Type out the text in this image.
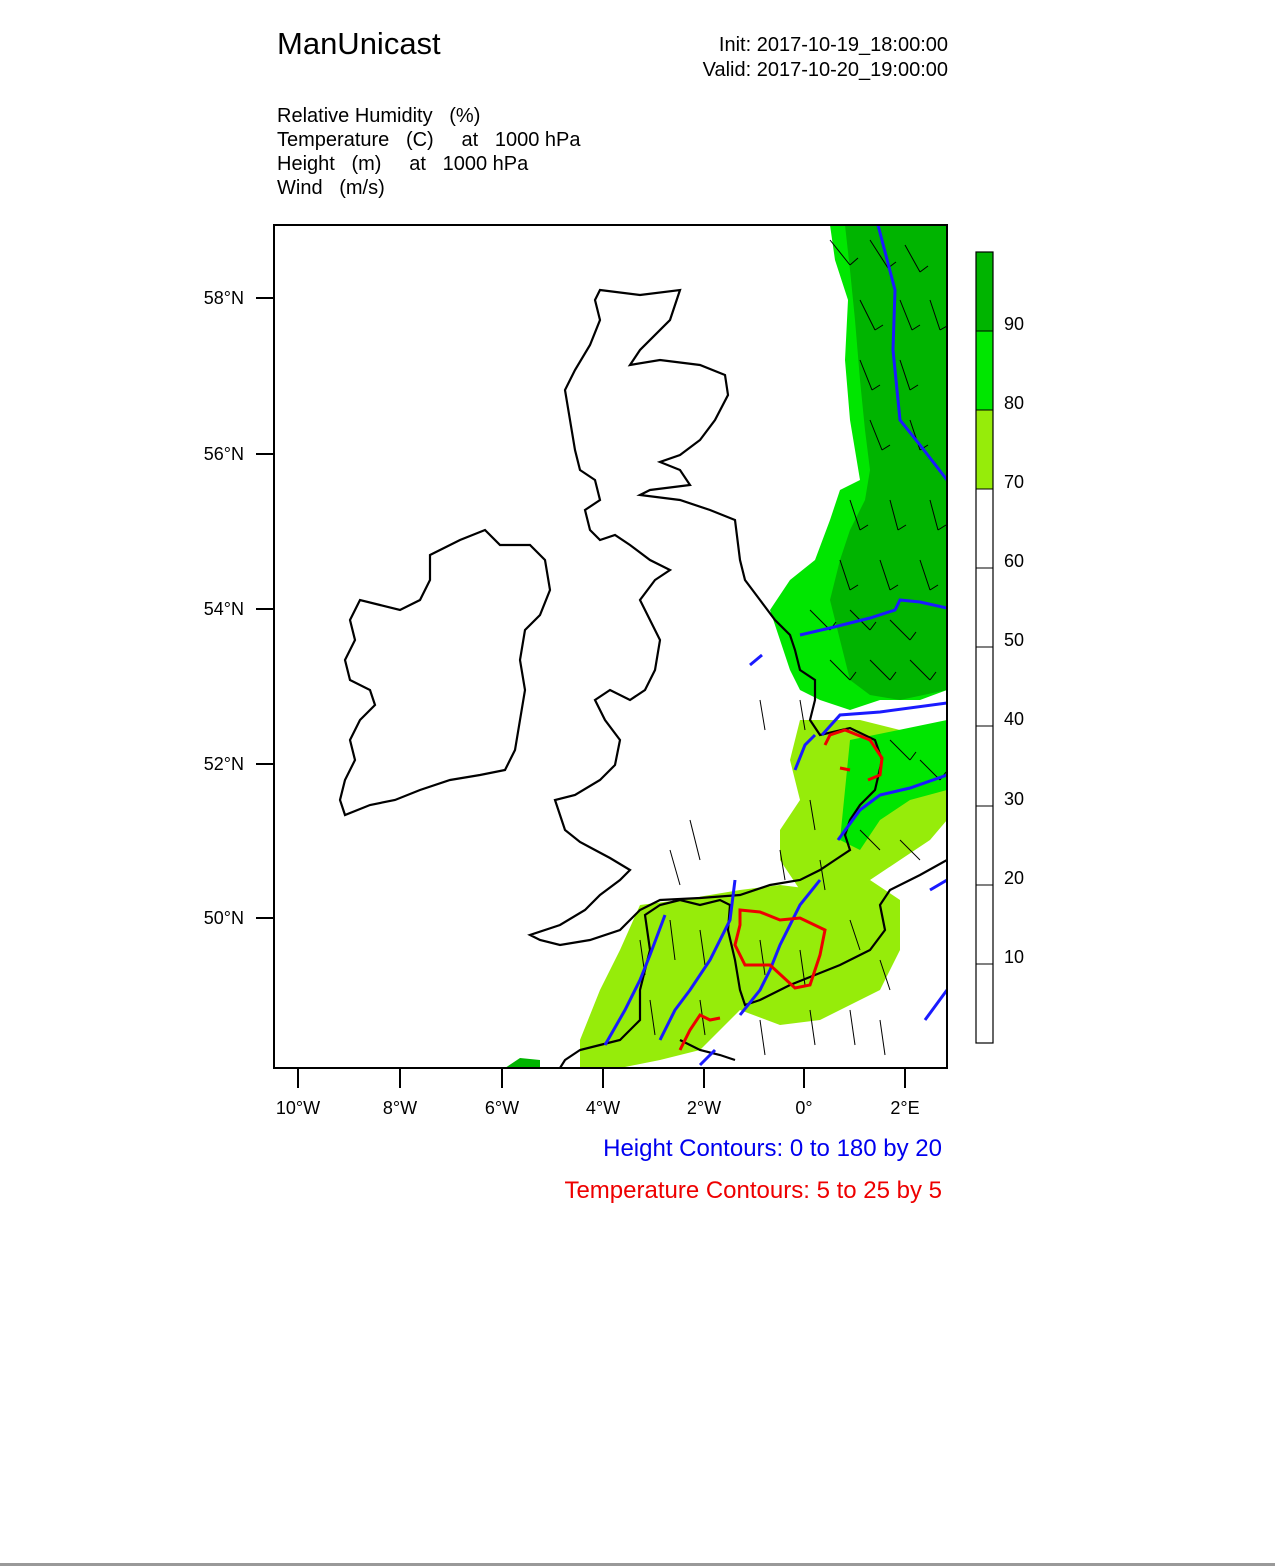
ManUnicast	Init: 2017-10-19_18:00:00
Valid: 2017-10-20_19:00:00
Relative Humidity   (%)
Temperature   (C)     at   1000 hPa
Height   (m)     at   1000 hPa
Wind   (m/s)
58°N
56°N
54°N
52°N
50°N
10°W	8°W	6°W	4°W	2°W	0°	2°E
90
80
70
60
50
40
30
20
10
Height Contours: 0 to 180 by 20
Temperature Contours: 5 to 25 by 5
